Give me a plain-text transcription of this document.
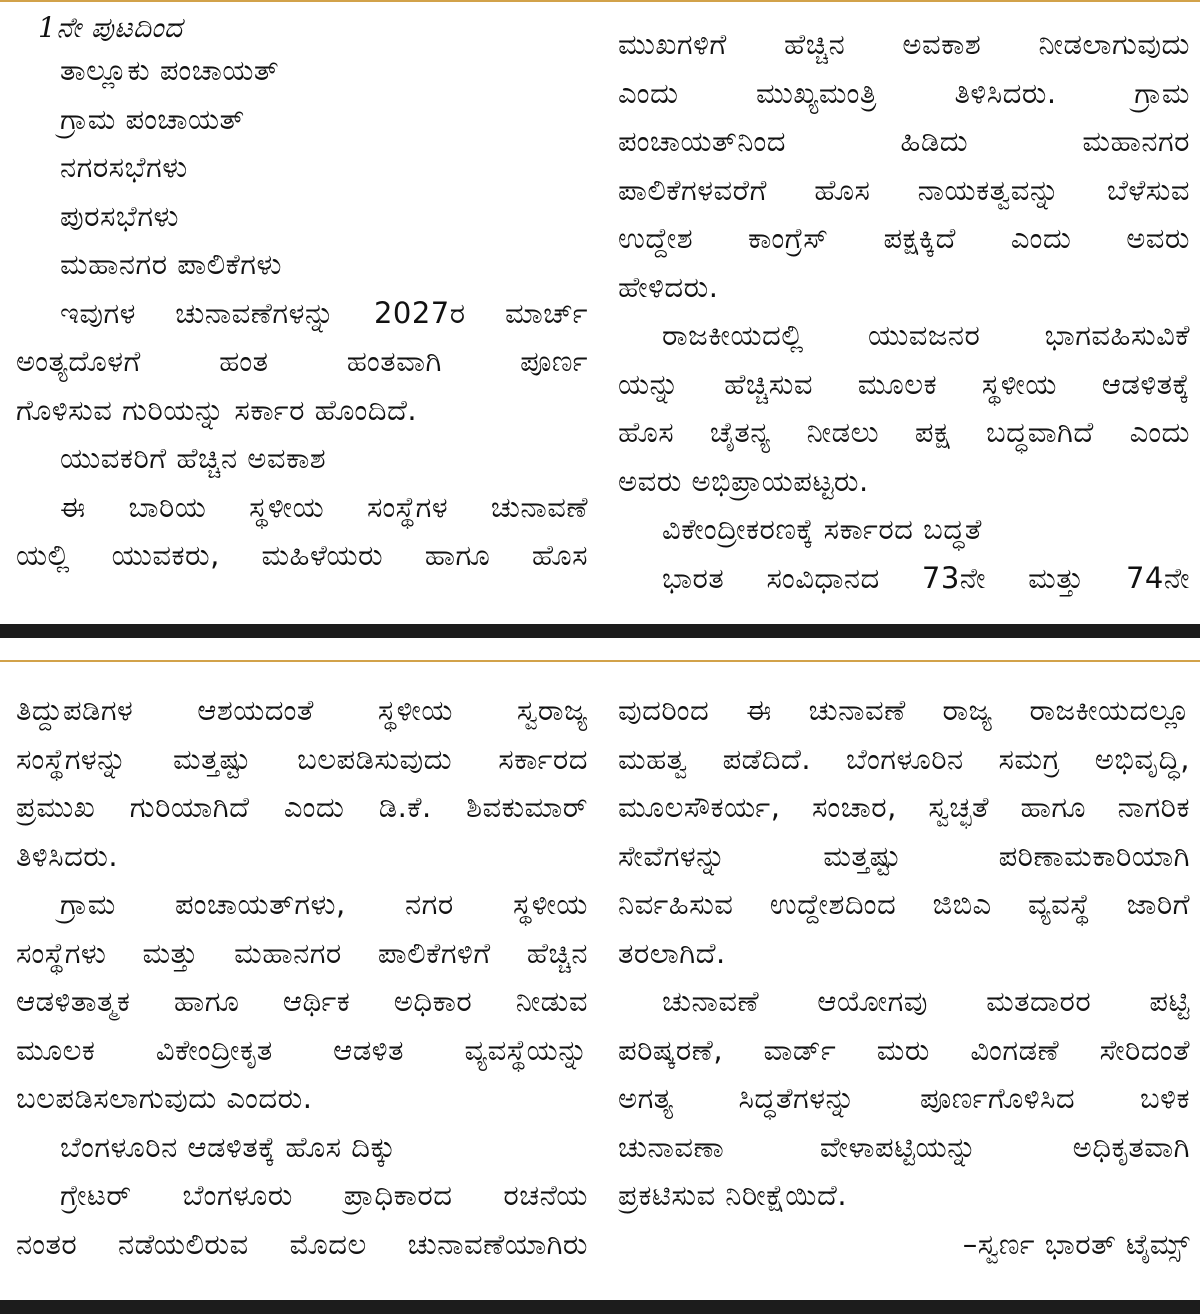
1ನೇ ಪುಟದಿಂದ
ತಾಲ್ಲೂಕು ಪಂಚಾಯತ್
ಗ್ರಾಮ ಪಂಚಾಯತ್
ನಗರಸಭೆಗಳು
ಪುರಸಭೆಗಳು
ಮಹಾನಗರ ಪಾಲಿಕೆಗಳು
ಇವುಗಳ ಚುನಾವಣೆಗಳನ್ನು 2027ರ ಮಾರ್ಚ್
ಅಂತ್ಯದೊಳಗೆ ಹಂತ ಹಂತವಾಗಿ ಪೂರ್ಣ
ಗೊಳಿಸುವ ಗುರಿಯನ್ನು ಸರ್ಕಾರ ಹೊಂದಿದೆ.
ಯುವಕರಿಗೆ ಹೆಚ್ಚಿನ ಅವಕಾಶ
ಈ ಬಾರಿಯ ಸ್ಥಳೀಯ ಸಂಸ್ಥೆಗಳ ಚುನಾವಣೆ
ಯಲ್ಲಿ ಯುವಕರು, ಮಹಿಳೆಯರು ಹಾಗೂ ಹೊಸ
ಮುಖಗಳಿಗೆ ಹೆಚ್ಚಿನ ಅವಕಾಶ ನೀಡಲಾಗುವುದು
ಎಂದು ಮುಖ್ಯಮಂತ್ರಿ ತಿಳಿಸಿದರು. ಗ್ರಾಮ
ಪಂಚಾಯತ್‌ನಿಂದ ಹಿಡಿದು ಮಹಾನಗರ
ಪಾಲಿಕೆಗಳವರೆಗೆ ಹೊಸ ನಾಯಕತ್ವವನ್ನು ಬೆಳೆಸುವ
ಉದ್ದೇಶ ಕಾಂಗ್ರೆಸ್ ಪಕ್ಷಕ್ಕಿದೆ ಎಂದು ಅವರು
ಹೇಳಿದರು.
ರಾಜಕೀಯದಲ್ಲಿ ಯುವಜನರ ಭಾಗವಹಿಸುವಿಕೆ
ಯನ್ನು ಹೆಚ್ಚಿಸುವ ಮೂಲಕ ಸ್ಥಳೀಯ ಆಡಳಿತಕ್ಕೆ
ಹೊಸ ಚೈತನ್ಯ ನೀಡಲು ಪಕ್ಷ ಬದ್ಧವಾಗಿದೆ ಎಂದು
ಅವರು ಅಭಿಪ್ರಾಯಪಟ್ಟರು.
ವಿಕೇಂದ್ರೀಕರಣಕ್ಕೆ ಸರ್ಕಾರದ ಬದ್ಧತೆ
ಭಾರತ ಸಂವಿಧಾನದ 73ನೇ ಮತ್ತು 74ನೇ
ತಿದ್ದುಪಡಿಗಳ ಆಶಯದಂತೆ ಸ್ಥಳೀಯ ಸ್ವರಾಜ್ಯ
ಸಂಸ್ಥೆಗಳನ್ನು ಮತ್ತಷ್ಟು ಬಲಪಡಿಸುವುದು ಸರ್ಕಾರದ
ಪ್ರಮುಖ ಗುರಿಯಾಗಿದೆ ಎಂದು ಡಿ.ಕೆ. ಶಿವಕುಮಾರ್
ತಿಳಿಸಿದರು.
ಗ್ರಾಮ ಪಂಚಾಯತ್‌ಗಳು, ನಗರ ಸ್ಥಳೀಯ
ಸಂಸ್ಥೆಗಳು ಮತ್ತು ಮಹಾನಗರ ಪಾಲಿಕೆಗಳಿಗೆ ಹೆಚ್ಚಿನ
ಆಡಳಿತಾತ್ಮಕ ಹಾಗೂ ಆರ್ಥಿಕ ಅಧಿಕಾರ ನೀಡುವ
ಮೂಲಕ ವಿಕೇಂದ್ರೀಕೃತ ಆಡಳಿತ ವ್ಯವಸ್ಥೆಯನ್ನು
ಬಲಪಡಿಸಲಾಗುವುದು ಎಂದರು.
ಬೆಂಗಳೂರಿನ ಆಡಳಿತಕ್ಕೆ ಹೊಸ ದಿಕ್ಕು
ಗ್ರೇಟರ್ ಬೆಂಗಳೂರು ಪ್ರಾಧಿಕಾರದ ರಚನೆಯ
ನಂತರ ನಡೆಯಲಿರುವ ಮೊದಲ ಚುನಾವಣೆಯಾಗಿರು
ವುದರಿಂದ ಈ ಚುನಾವಣೆ ರಾಜ್ಯ ರಾಜಕೀಯದಲ್ಲೂ
ಮಹತ್ವ ಪಡೆದಿದೆ. ಬೆಂಗಳೂರಿನ ಸಮಗ್ರ ಅಭಿವೃದ್ಧಿ,
ಮೂಲಸೌಕರ್ಯ, ಸಂಚಾರ, ಸ್ವಚ್ಛತೆ ಹಾಗೂ ನಾಗರಿಕ
ಸೇವೆಗಳನ್ನು ಮತ್ತಷ್ಟು ಪರಿಣಾಮಕಾರಿಯಾಗಿ
ನಿರ್ವಹಿಸುವ ಉದ್ದೇಶದಿಂದ ಜಿಬಿಎ ವ್ಯವಸ್ಥೆ ಜಾರಿಗೆ
ತರಲಾಗಿದೆ.
ಚುನಾವಣೆ ಆಯೋಗವು ಮತದಾರರ ಪಟ್ಟಿ
ಪರಿಷ್ಕರಣೆ, ವಾರ್ಡ್ ಮರು ವಿಂಗಡಣೆ ಸೇರಿದಂತೆ
ಅಗತ್ಯ ಸಿದ್ಧತೆಗಳನ್ನು ಪೂರ್ಣಗೊಳಿಸಿದ ಬಳಿಕ
ಚುನಾವಣಾ ವೇಳಾಪಟ್ಟಿಯನ್ನು ಅಧಿಕೃತವಾಗಿ
ಪ್ರಕಟಿಸುವ ನಿರೀಕ್ಷೆಯಿದೆ.
–ಸ್ವರ್ಣ ಭಾರತ್ ಟೈಮ್ಸ್
